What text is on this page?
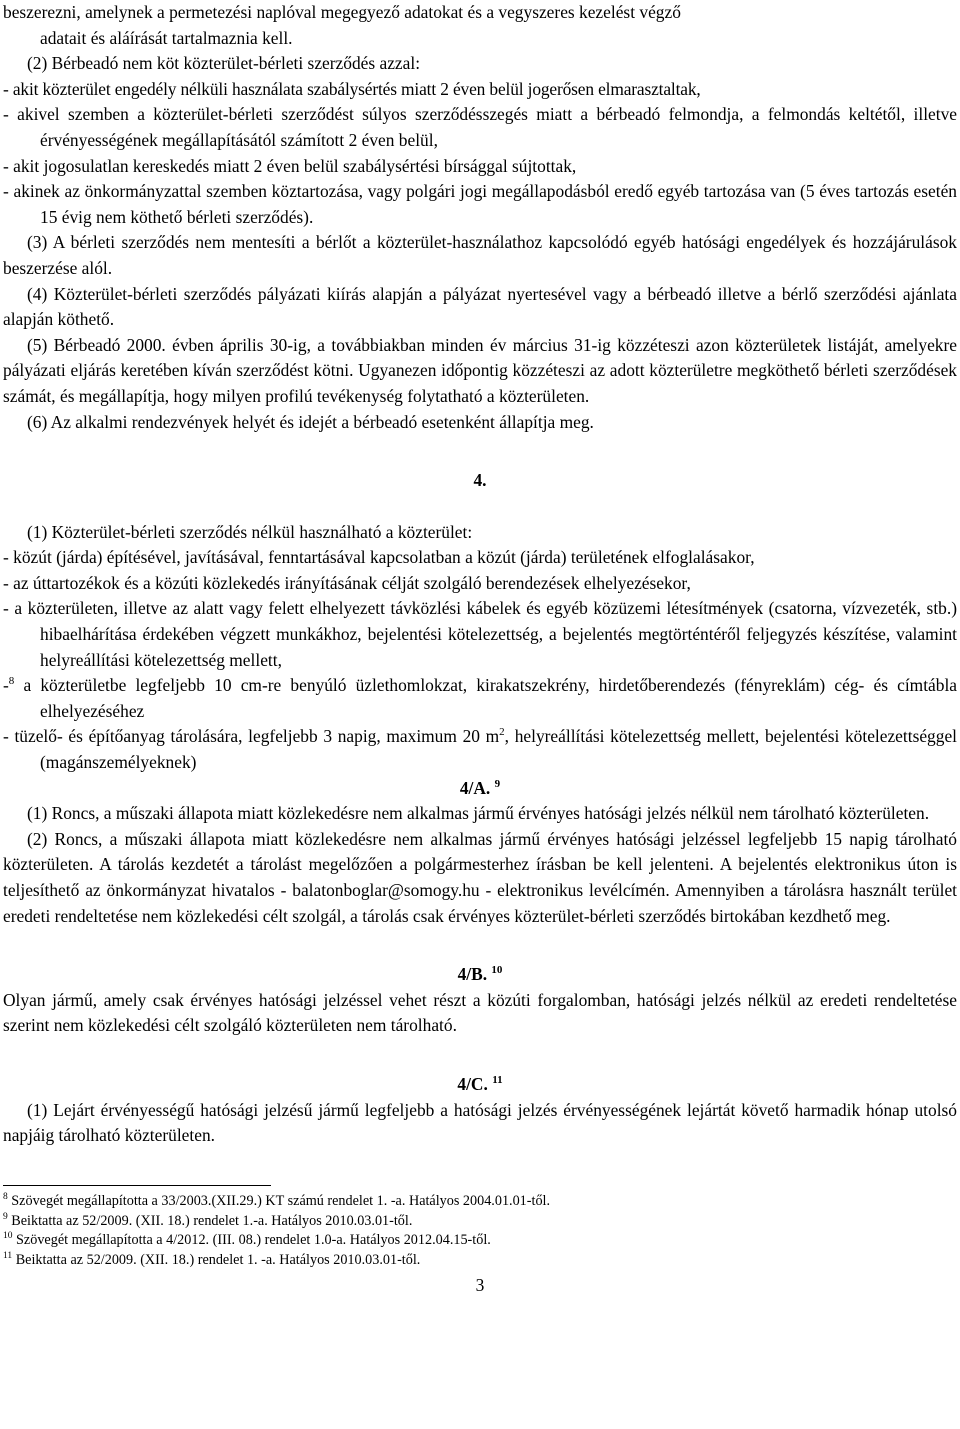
beszerezni, amelynek a permetezési naplóval megegyező adatokat és a vegyszeres kezelést végző

adatait és aláírását tartalmaznia kell.

(2) Bérbeadó nem köt közterület-bérleti szerződés azzal:

- akit közterület engedély nélküli használata szabálysértés miatt 2 éven belül jogerősen elmarasztaltak,

- akivel szemben a közterület-bérleti szerződést súlyos szerződésszegés miatt a bérbeadó felmondja, a felmondás keltétől, illetve érvényességének megállapításától számított 2 éven belül,

- akit jogosulatlan kereskedés miatt 2 éven belül szabálysértési bírsággal sújtottak,

- akinek az önkormányzattal szemben köztartozása, vagy polgári jogi megállapodásból eredő egyéb tartozása van (5 éves tartozás esetén 15 évig nem köthető bérleti szerződés).

(3) A bérleti szerződés nem mentesíti a bérlőt a közterület-használathoz kapcsolódó egyéb hatósági engedélyek és hozzájárulások beszerzése alól.

(4) Közterület-bérleti szerződés pályázati kiírás alapján a pályázat nyertesével vagy a bérbeadó illetve a bérlő szerződési ajánlata alapján köthető.

(5) Bérbeadó 2000. évben április 30-ig, a továbbiakban minden év március 31-ig közzéteszi azon közterületek listáját, amelyekre pályázati eljárás keretében kíván szerződést kötni. Ugyanezen időpontig közzéteszi az adott közterületre megköthető bérleti szerződések számát, és megállapítja, hogy milyen profilú tevékenység folytatható a közterületen.

(6) Az alkalmi rendezvények helyét és idejét a bérbeadó esetenként állapítja meg.

4.

(1) Közterület-bérleti szerződés nélkül használható a közterület:

- közút (járda) építésével, javításával, fenntartásával kapcsolatban a közút (járda) területének elfoglalásakor,

- az úttartozékok és a közúti közlekedés irányításának célját szolgáló berendezések elhelyezésekor,

- a közterületen, illetve az alatt vagy felett elhelyezett távközlési kábelek és egyéb közüzemi létesítmények (csatorna, vízvezeték, stb.) hibaelhárítása érdekében végzett munkákhoz, bejelentési kötelezettség, a bejelentés megtörténtéről feljegyzés készítése, valamint helyreállítási kötelezettség mellett,

-$^8$ a közterületbe legfeljebb 10 cm-re benyúló üzlethomlokzat, kirakatszekrény, hirdetőberendezés (fényreklám) cég- és címtábla elhelyezéséhez

- tüzelő- és építőanyag tárolására, legfeljebb 3 napig, maximum 20 $m^2$, helyreállítási kötelezettség mellett, bejelentési kötelezettséggel (magánszemélyeknek)

4/A. $^9$

(1) Roncs, a műszaki állapota miatt közlekedésre nem alkalmas jármű érvényes hatósági jelzés nélkül nem tárolható közterületen.

(2) Roncs, a műszaki állapota miatt közlekedésre nem alkalmas jármű érvényes hatósági jelzéssel legfeljebb 15 napig tárolható közterületen. A tárolás kezdetét a tárolást megelőzően a polgármesterhez írásban be kell jelenteni. A bejelentés elektronikus úton is teljesíthető az önkormányzat hivatalos - balatonboglar@somogy.hu - elektronikus levélcímén. Amennyiben a tárolásra használt terület eredeti rendeltetése nem közlekedési célt szolgál, a tárolás csak érvényes közterület-bérleti szerződés birtokában kezdhető meg.

4/B. $^{10}$

Olyan jármű, amely csak érvényes hatósági jelzéssel vehet részt a közúti forgalomban, hatósági jelzés nélkül az eredeti rendeltetése szerint nem közlekedési célt szolgáló közterületen nem tárolható.

4/C. $^{11}$

(1) Lejárt érvényességű hatósági jelzésű jármű legfeljebb a hatósági jelzés érvényességének lejártát követő harmadik hónap utolsó napjáig tárolható közterületen.

$^8$ Szövegét megállapította a 33/2003.(XII.29.) KT számú rendelet 1. -a. Hatályos 2004.01.01-től.

$^9$ Beiktatta az 52/2009. (XII. 18.) rendelet 1.-a. Hatályos 2010.03.01-től.

$^{10}$ Szövegét megállapította a 4/2012. (III. 08.) rendelet 1.0-a. Hatályos 2012.04.15-től.

$^{11}$ Beiktatta az 52/2009. (XII. 18.) rendelet 1. -a. Hatályos 2010.03.01-től.

3
